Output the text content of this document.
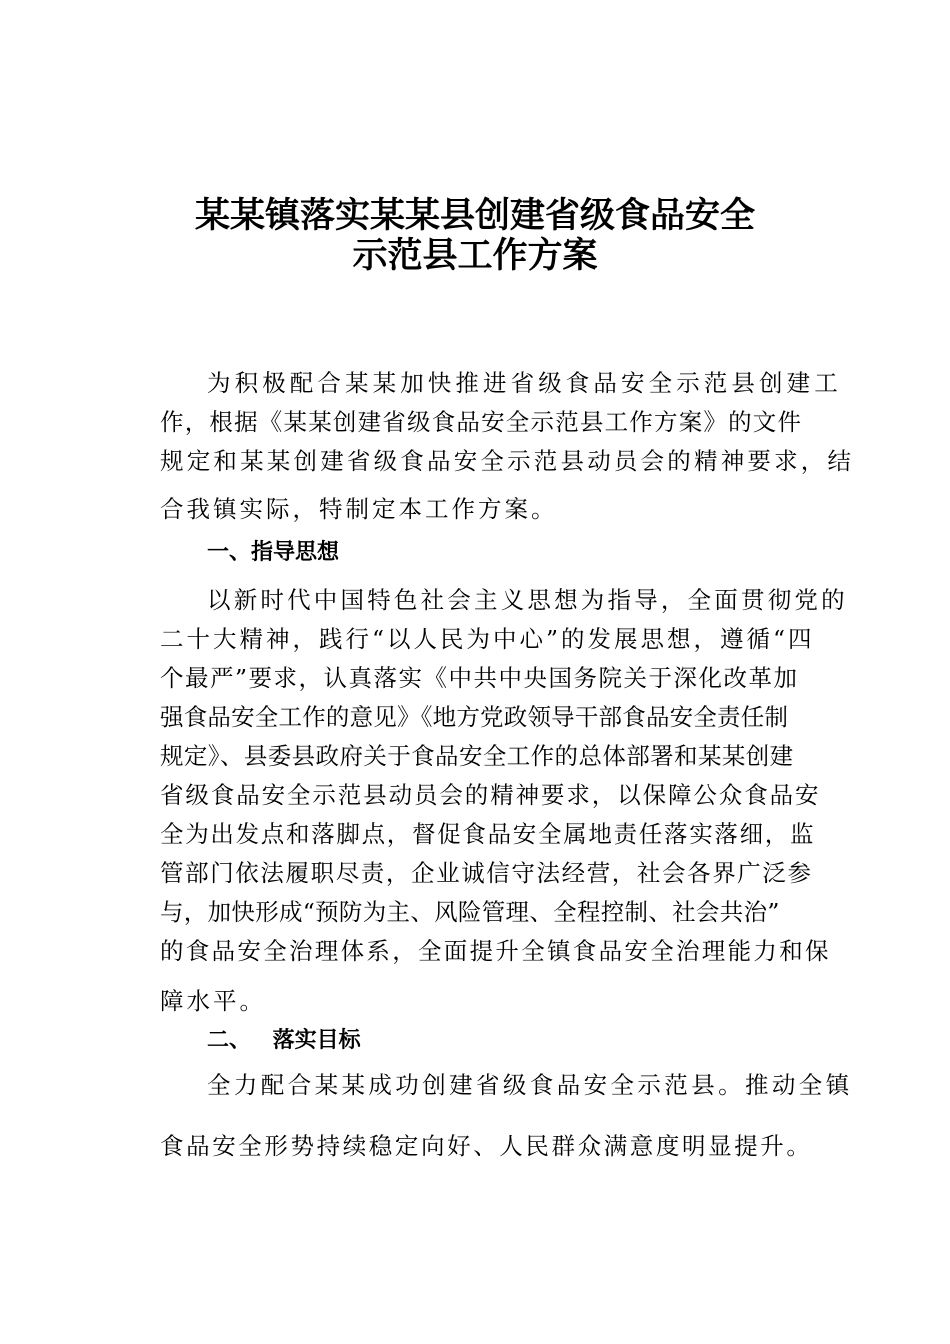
某某镇落实某某县创建省级食品安全
示范县工作方案
为积极配合某某加快推进省级食品安全示范县创建工
作，根据《某某创建省级食品安全示范县工作方案》的文件
规定和某某创建省级食品安全示范县动员会的精神要求，结
合我镇实际，特制定本工作方案。
一、指导思想
以新时代中国特色社会主义思想为指导，全面贯彻党的
二十大精神，践行“以人民为中心”的发展思想，遵循“四
个最严”要求，认真落实《中共中央国务院关于深化改革加
强食品安全工作的意见》《地方党政领导干部食品安全责任制
规定》、县委县政府关于食品安全工作的总体部署和某某创建
省级食品安全示范县动员会的精神要求，以保障公众食品安
全为出发点和落脚点，督促食品安全属地责任落实落细，监
管部门依法履职尽责，企业诚信守法经营，社会各界广泛参
与，加快形成“预防为主、风险管理、全程控制、社会共治”
的食品安全治理体系，全面提升全镇食品安全治理能力和保
障水平。
二、 落实目标
全力配合某某成功创建省级食品安全示范县。推动全镇
食品安全形势持续稳定向好、人民群众满意度明显提升。
